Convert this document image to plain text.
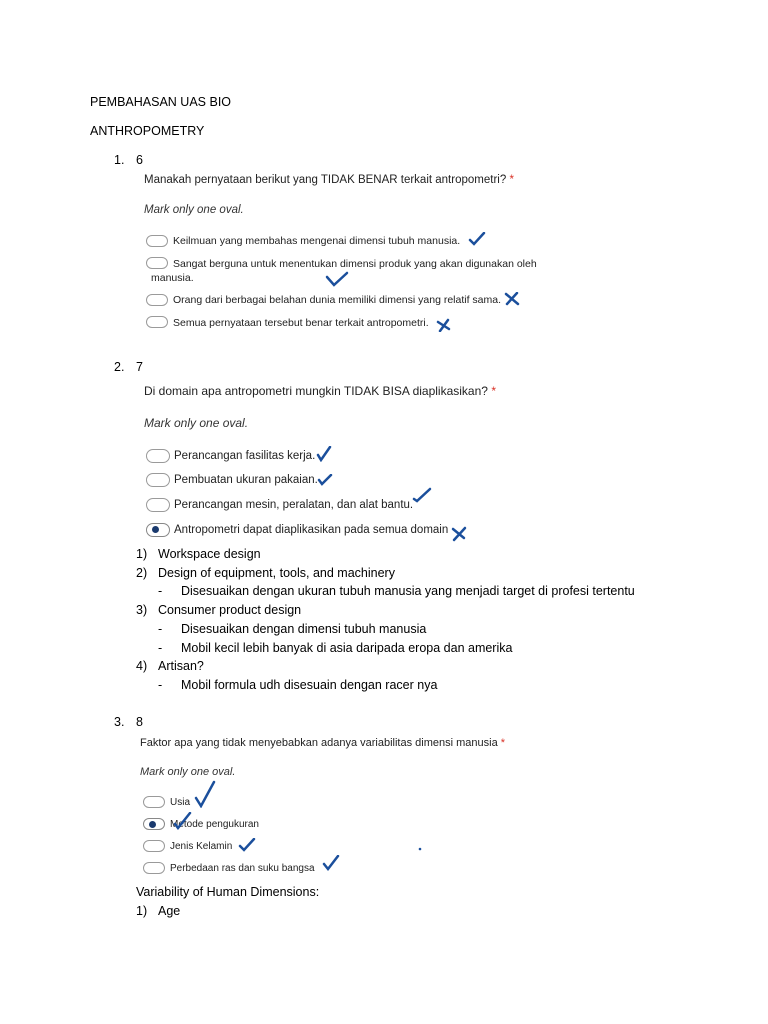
PEMBAHASAN UAS BIO
ANTHROPOMETRY
1. 6
Manakah pernyataan berikut yang TIDAK BENAR terkait antropometri? *
Mark only one oval.
Keilmuan yang membahas mengenai dimensi tubuh manusia.
Sangat berguna untuk menentukan dimensi produk yang akan digunakan oleh
manusia.
Orang dari berbagai belahan dunia memiliki dimensi yang relatif sama.
Semua pernyataan tersebut benar terkait antropometri.
2. 7
Di domain apa antropometri mungkin TIDAK BISA diaplikasikan? *
Mark only one oval.
Perancangan fasilitas kerja.
Pembuatan ukuran pakaian.
Perancangan mesin, peralatan, dan alat bantu.
Antropometri dapat diaplikasikan pada semua domain
1) Workspace design
2) Design of equipment, tools, and machinery
- Disesuaikan dengan ukuran tubuh manusia yang menjadi target di profesi tertentu
3) Consumer product design
- Disesuaikan dengan dimensi tubuh manusia
- Mobil kecil lebih banyak di asia daripada eropa dan amerika
4) Artisan?
- Mobil formula udh disesuain dengan racer nya
3. 8
Faktor apa yang tidak menyebabkan adanya variabilitas dimensi manusia *
Mark only one oval.
Usia
Metode pengukuran
Jenis Kelamin
Perbedaan ras dan suku bangsa
Variability of Human Dimensions:
1) Age
